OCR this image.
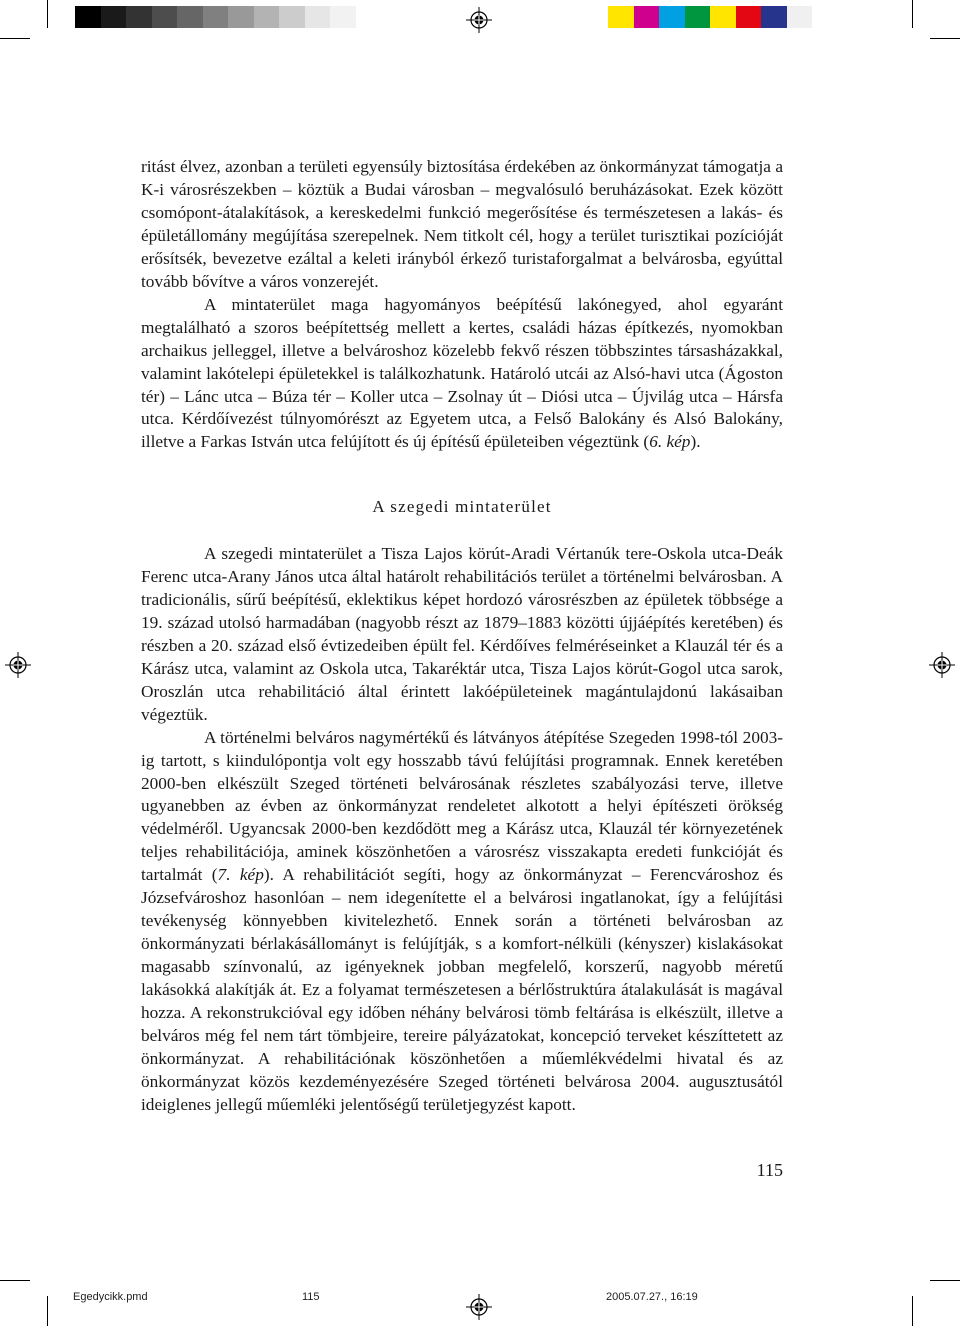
ritást élvez, azonban a területi egyensúly biztosítása érdekében az önkormányzat támogatja a K-i városrészekben – köztük a Budai városban – megvalósuló beruházásokat. Ezek között csomópont-átalakítások, a kereskedelmi funkció megerősítése és természetesen a lakás- és épületállomány megújítása szerepelnek. Nem titkolt cél, hogy a terület turisztikai pozícióját erősítsék, bevezetve ezáltal a keleti irányból érkező turistaforgalmat a belvárosba, egyúttal tovább bővítve a város vonzerejét.

A mintaterület maga hagyományos beépítésű lakónegyed, ahol egyaránt megtalálható a szoros beépítettség mellett a kertes, családi házas építkezés, nyomokban archaikus jelleggel, illetve a belvároshoz közelebb fekvő részen többszintes társasházakkal, valamint lakótelepi épületekkel is találkozhatunk. Határoló utcái az Alsó-havi utca (Ágoston tér) – Lánc utca – Búza tér – Koller utca – Zsolnay út – Diósi utca – Újvilág utca – Hársfa utca. Kérdőívezést túlnyomórészt az Egyetem utca, a Felső Balokány és Alsó Balokány, illetve a Farkas István utca felújított és új építésű épületeiben végeztünk (6. kép).

A szegedi mintaterület

A szegedi mintaterület a Tisza Lajos körút-Aradi Vértanúk tere-Oskola utca-Deák Ferenc utca-Arany János utca által határolt rehabilitációs terület a történelmi belvárosban. A tradicionális, sűrű beépítésű, eklektikus képet hordozó városrészben az épületek többsége a 19. század utolsó harmadában (nagyobb részt az 1879–1883 közötti újjáépítés keretében) és részben a 20. század első évtizedeiben épült fel. Kérdőíves felméréseinket a Klauzál tér és a Kárász utca, valamint az Oskola utca, Takaréktár utca, Tisza Lajos körút-Gogol utca sarok, Oroszlán utca rehabilitáció által érintett lakóépületeinek magántulajdonú lakásaiban végeztük.

A történelmi belváros nagymértékű és látványos átépítése Szegeden 1998-tól 2003-ig tartott, s kiindulópontja volt egy hosszabb távú felújítási programnak. Ennek keretében 2000-ben elkészült Szeged történeti belvárosának részletes szabályozási terve, illetve ugyanebben az évben az önkormányzat rendeletet alkotott a helyi építészeti örökség védelméről. Ugyancsak 2000-ben kezdődött meg a Kárász utca, Klauzál tér környezetének teljes rehabilitációja, aminek köszönhetően a városrész visszakapta eredeti funkcióját és tartalmát (7. kép). A rehabilitációt segíti, hogy az önkormányzat – Ferencvároshoz és Józsefvároshoz hasonlóan – nem idegenítette el a belvárosi ingatlanokat, így a felújítási tevékenység könnyebben kivitelezhető. Ennek során a történeti belvárosban az önkormányzati bérlakásállományt is felújítják, s a komfort-nélküli (kényszer) kislakásokat magasabb színvonalú, az igényeknek jobban megfelelő, korszerű, nagyobb méretű lakásokká alakítják át. Ez a folyamat természetesen a bérlőstruktúra átalakulását is magával hozza. A rekonstrukcióval egy időben néhány belvárosi tömb feltárása is elkészült, illetve a belváros még fel nem tárt tömbjeire, tereire pályázatokat, koncepció terveket készíttetett az önkormányzat. A rehabilitációnak köszönhetően a műemlékvédelmi hivatal és az önkormányzat közös kezdeményezésére Szeged történeti belvárosa 2004. augusztusától ideiglenes jellegű műemléki jelentőségű területjegyzést kapott.

115
Egedycikk.pmd	115	2005.07.27., 16:19
